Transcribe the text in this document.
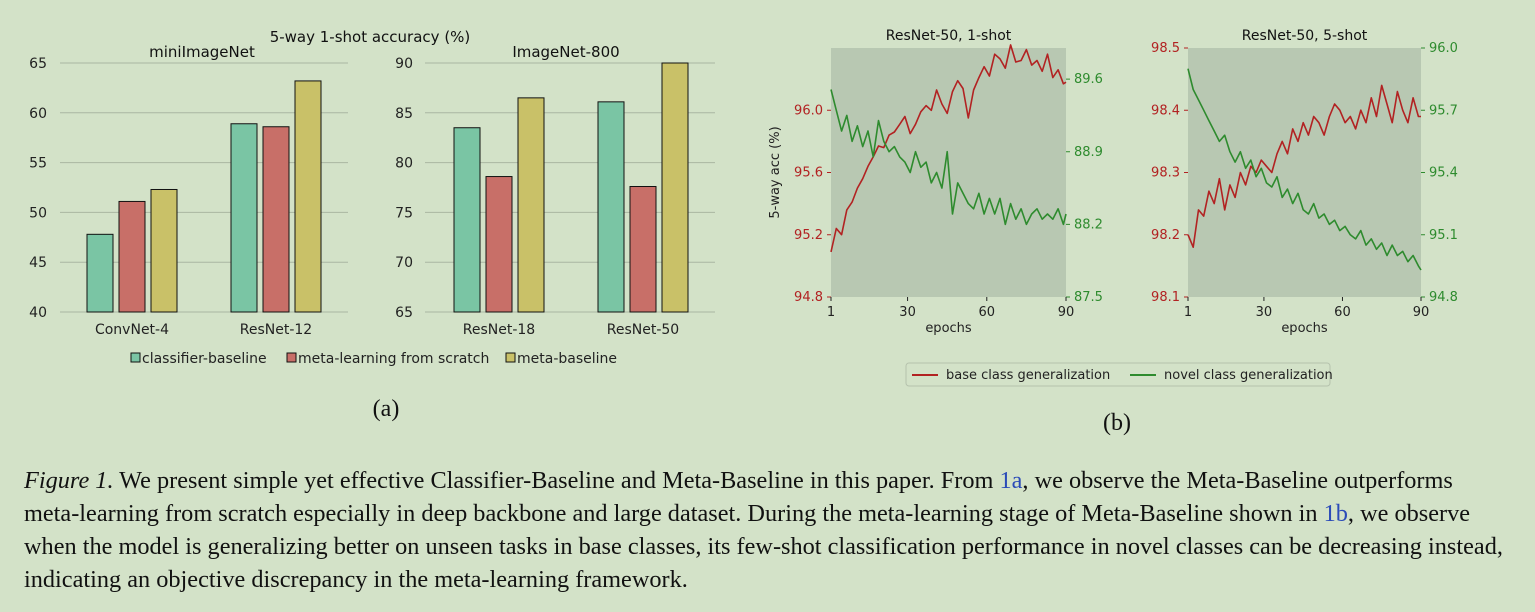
5-way 1-shot accuracy (%)
40
45
50
55
60
65
miniImageNet
ConvNet-4	ResNet-12
65
70
75
80
85
90
ImageNet-800
ResNet-18	ResNet-50
classifier-baseline meta-learning from scratch meta-baseline
(a)
ResNet-50, 1-shot
94.8
95.2
95.6
96.0
87.5
88.2
88.9
89.6
1	30	60	90
epochs
5-way acc (%)
ResNet-50, 5-shot
98.1
98.2
98.3
98.4
98.5
94.8
95.1
95.4
95.7
96.0
1	30	60	90
epochs
base class generalization	novel class generalization
(b)
Figure 1. We present simple yet effective Classifier-Baseline and Meta-Baseline in this paper. From 1a, we observe the Meta-Baseline outperforms meta-learning from scratch especially in deep backbone and large dataset. During the meta-learning stage of Meta-Baseline shown in 1b, we observe when the model is generalizing better on unseen tasks in base classes, its few-shot classification performance in novel classes can be decreasing instead, indicating an objective discrepancy in the meta-learning framework.
